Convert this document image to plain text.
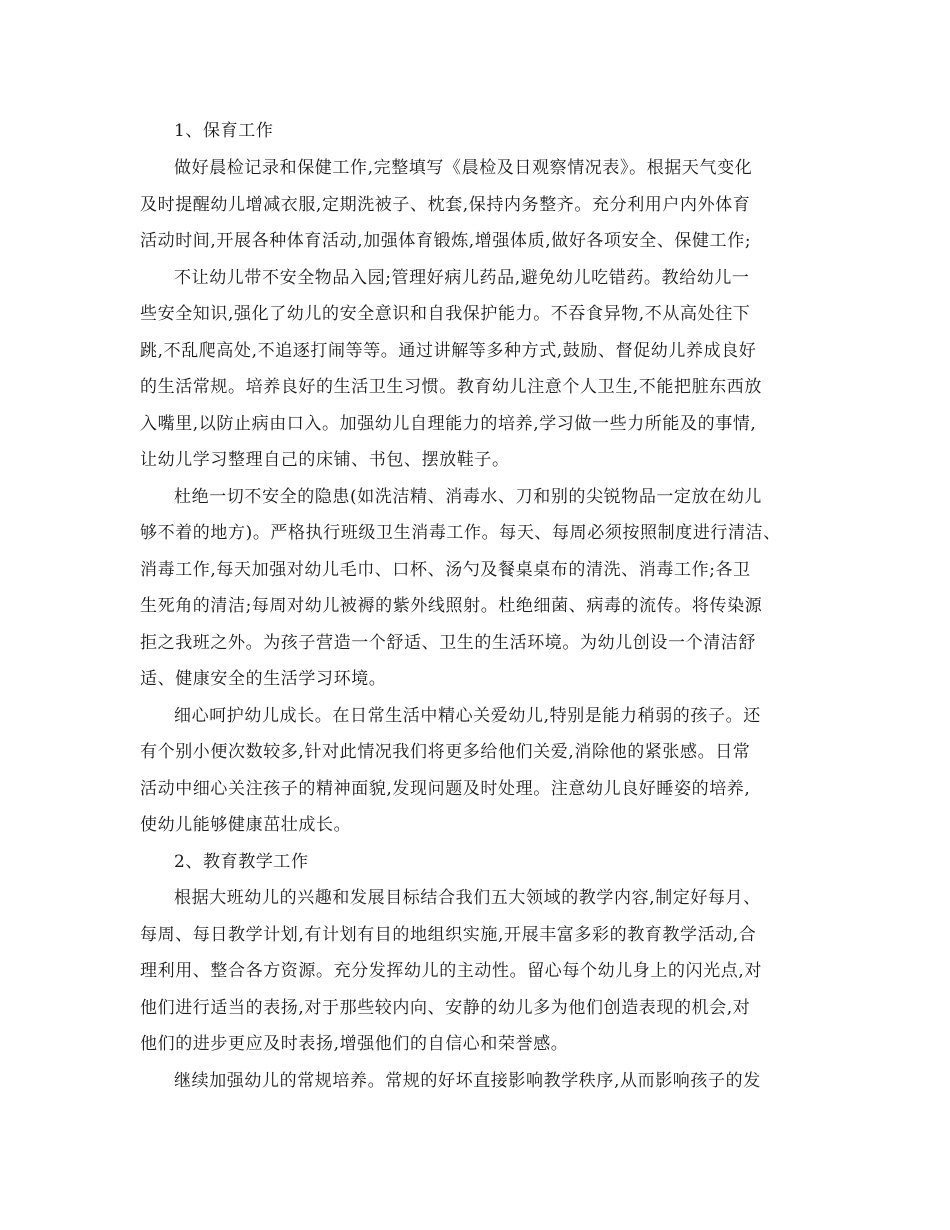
1、保育工作

做好晨检记录和保健工作,完整填写《晨检及日观察情况表》。根据天气变化

及时提醒幼儿增减衣服,定期洗被子、枕套,保持内务整齐。充分利用户内外体育

活动时间,开展各种体育活动,加强体育锻炼,增强体质,做好各项安全、保健工作;

不让幼儿带不安全物品入园;管理好病儿药品,避免幼儿吃错药。教给幼儿一

些安全知识,强化了幼儿的安全意识和自我保护能力。不吞食异物,不从高处往下

跳,不乱爬高处,不追逐打闹等等。通过讲解等多种方式,鼓励、督促幼儿养成良好

的生活常规。培养良好的生活卫生习惯。教育幼儿注意个人卫生,不能把脏东西放

入嘴里,以防止病由口入。加强幼儿自理能力的培养,学习做一些力所能及的事情,

让幼儿学习整理自己的床铺、书包、摆放鞋子。

杜绝一切不安全的隐患(如洗洁精、消毒水、刀和别的尖锐物品一定放在幼儿

够不着的地方)。严格执行班级卫生消毒工作。每天、每周必须按照制度进行清洁、

消毒工作,每天加强对幼儿毛巾、口杯、汤勺及餐桌桌布的清洗、消毒工作;各卫

生死角的清洁;每周对幼儿被褥的紫外线照射。杜绝细菌、病毒的流传。将传染源

拒之我班之外。为孩子营造一个舒适、卫生的生活环境。为幼儿创设一个清洁舒

适、健康安全的生活学习环境。

细心呵护幼儿成长。在日常生活中精心关爱幼儿,特别是能力稍弱的孩子。还

有个别小便次数较多,针对此情况我们将更多给他们关爱,消除他的紧张感。日常

活动中细心关注孩子的精神面貌,发现问题及时处理。注意幼儿良好睡姿的培养,

使幼儿能够健康茁壮成长。

2、教育教学工作

根据大班幼儿的兴趣和发展目标结合我们五大领域的教学内容,制定好每月、

每周、每日教学计划,有计划有目的地组织实施,开展丰富多彩的教育教学活动,合

理利用、整合各方资源。充分发挥幼儿的主动性。留心每个幼儿身上的闪光点,对

他们进行适当的表扬,对于那些较内向、安静的幼儿多为他们创造表现的机会,对

他们的进步更应及时表扬,增强他们的自信心和荣誉感。

继续加强幼儿的常规培养。常规的好坏直接影响教学秩序,从而影响孩子的发
